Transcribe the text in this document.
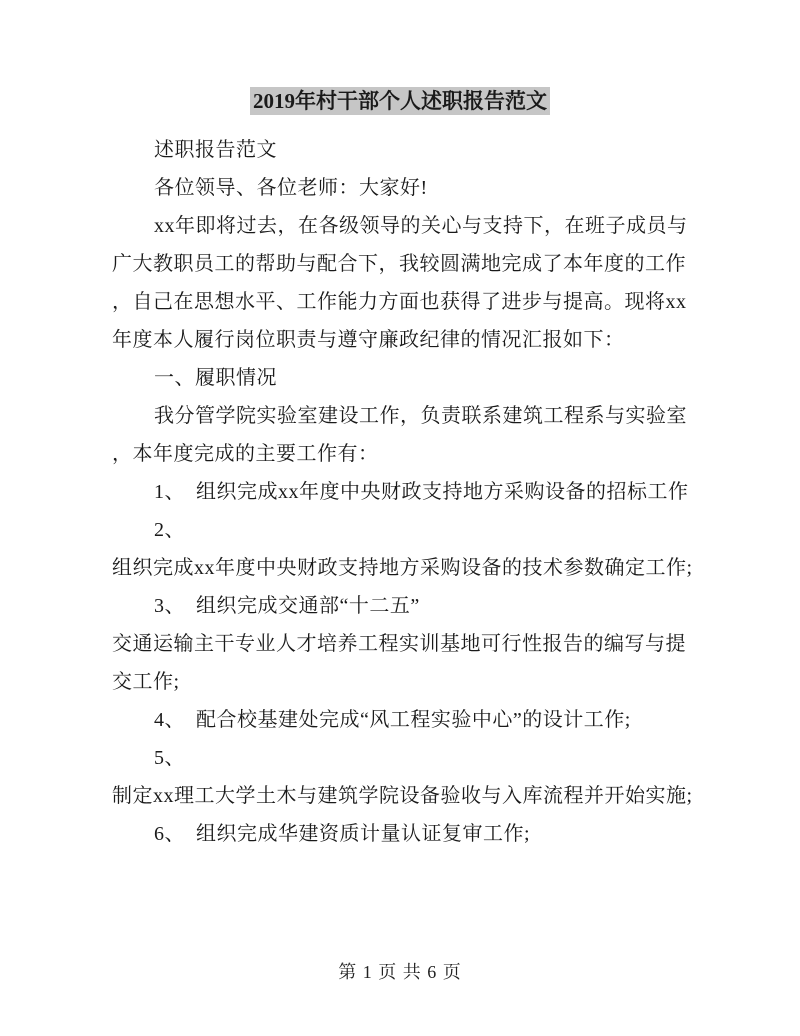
2019年村干部个人述职报告范文

述职报告范文

各位领导、各位老师：大家好!

xx年即将过去，在各级领导的关心与支持下，在班子成员与

广大教职员工的帮助与配合下，我较圆满地完成了本年度的工作

，自己在思想水平、工作能力方面也获得了进步与提高。现将xx

年度本人履行岗位职责与遵守廉政纪律的情况汇报如下：

一、履职情况

我分管学院实验室建设工作，负责联系建筑工程系与实验室

，本年度完成的主要工作有：

1、  组织完成xx年度中央财政支持地方采购设备的招标工作

2、

组织完成xx年度中央财政支持地方采购设备的技术参数确定工作;

3、  组织完成交通部“十二五”

交通运输主干专业人才培养工程实训基地可行性报告的编写与提

交工作;

4、  配合校基建处完成“风工程实验中心”的设计工作;

5、

制定xx理工大学土木与建筑学院设备验收与入库流程并开始实施;

6、  组织完成华建资质计量认证复审工作;

第 1 页 共 6 页
